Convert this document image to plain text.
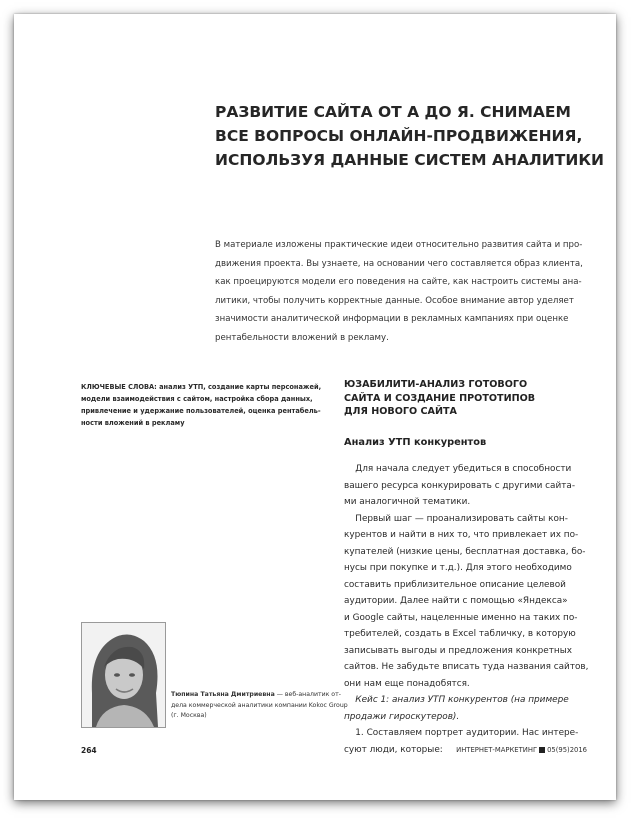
РАЗВИТИЕ САЙТА ОТ А ДО Я. СНИМАЕМ
ВСЕ ВОПРОСЫ ОНЛАЙН-ПРОДВИЖЕНИЯ,
ИСПОЛЬЗУЯ ДАННЫЕ СИСТЕМ АНАЛИТИКИ

В материале изложены практические идеи относительно развития сайта и про-
движения проекта. Вы узнаете, на основании чего составляется образ клиента,
как проецируются модели его поведения на сайте, как настроить системы ана-
литики, чтобы получить корректные данные. Особое внимание автор уделяет
значимости аналитической информации в рекламных кампаниях при оценке
рентабельности вложений в рекламу.

КЛЮЧЕВЫЕ СЛОВА: анализ УТП, создание карты персонажей,
модели взаимодействия с сайтом, настройка сбора данных,
привлечение и удержание пользователей, оценка рентабель-
ности вложений в рекламу
ЮЗАБИЛИТИ-АНАЛИЗ ГОТОВОГО
САЙТА И СОЗДАНИЕ ПРОТОТИПОВ
ДЛЯ НОВОГО САЙТА
Анализ УТП конкурентов
Для начала следует убедиться в способности
вашего ресурса конкурировать с другими сайта-
ми аналогичной тематики.
Первый шаг — проанализировать сайты кон-
курентов и найти в них то, что привлекает их по-
купателей (низкие цены, бесплатная доставка, бо-
нусы при покупке и т.д.). Для этого необходимо
составить приблизительное описание целевой
аудитории. Далее найти с помощью «Яндекса»
и Google сайты, нацеленные именно на таких по-
требителей, создать в Excel табличку, в которую
записывать выгоды и предложения конкретных
сайтов. Не забудьте вписать туда названия сайтов,
они нам еще понадобятся.
Кейс 1: анализ УТП конкурентов (на примере
продажи гироскутеров).
1. Составляем портрет аудитории. Нас интере-
суют люди, которые:
Тюпина Татьяна Дмитриевна — веб-аналитик от-
дела коммерческой аналитики компании Kokoc Group
(г. Москва)
264	ИНТЕРНЕТ-МАРКЕТИНГ 05(95)2016
